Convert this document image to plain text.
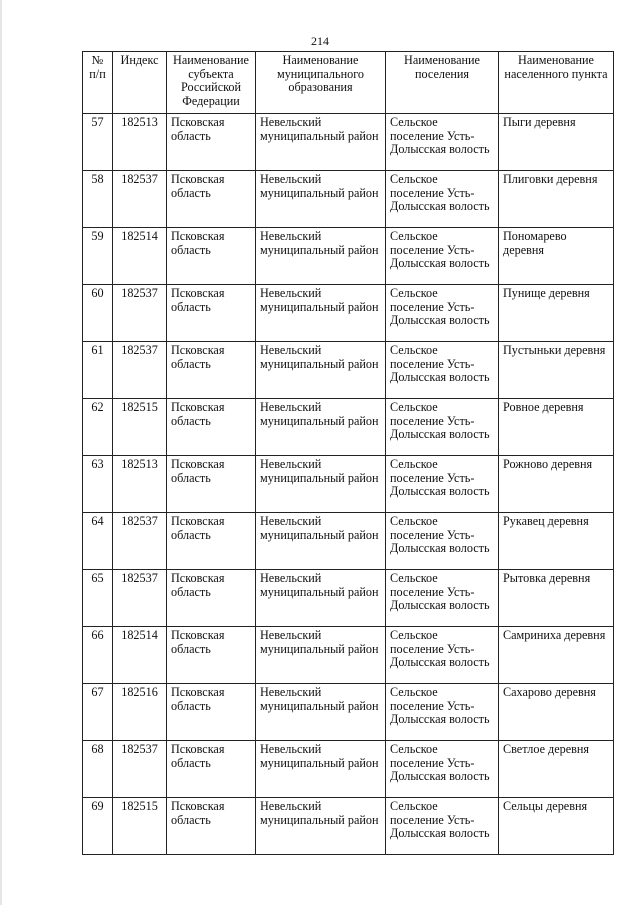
214
№ п/п	Индекс	Наименование субъекта Российской Федерации	Наименование муниципального образования	Наименование поселения	Наименование населенного пункта
57	182513	Псковская область	Невельский муниципальный район	Сельское поселение Усть-Долысская волость	Пыги деревня
58	182537	Псковская область	Невельский муниципальный район	Сельское поселение Усть-Долысская волость	Плиговки деревня
59	182514	Псковская область	Невельский муниципальный район	Сельское поселение Усть-Долысская волость	Пономарево деревня
60	182537	Псковская область	Невельский муниципальный район	Сельское поселение Усть-Долысская волость	Пунище деревня
61	182537	Псковская область	Невельский муниципальный район	Сельское поселение Усть-Долысская волость	Пустыньки деревня
62	182515	Псковская область	Невельский муниципальный район	Сельское поселение Усть-Долысская волость	Ровное деревня
63	182513	Псковская область	Невельский муниципальный район	Сельское поселение Усть-Долысская волость	Рожново деревня
64	182537	Псковская область	Невельский муниципальный район	Сельское поселение Усть-Долысская волость	Рукавец деревня
65	182537	Псковская область	Невельский муниципальный район	Сельское поселение Усть-Долысская волость	Рытовка деревня
66	182514	Псковская область	Невельский муниципальный район	Сельское поселение Усть-Долысская волость	Самриниха деревня
67	182516	Псковская область	Невельский муниципальный район	Сельское поселение Усть-Долысская волость	Сахарово деревня
68	182537	Псковская область	Невельский муниципальный район	Сельское поселение Усть-Долысская волость	Светлое деревня
69	182515	Псковская область	Невельский муниципальный район	Сельское поселение Усть-Долысская волость	Сельцы деревня
